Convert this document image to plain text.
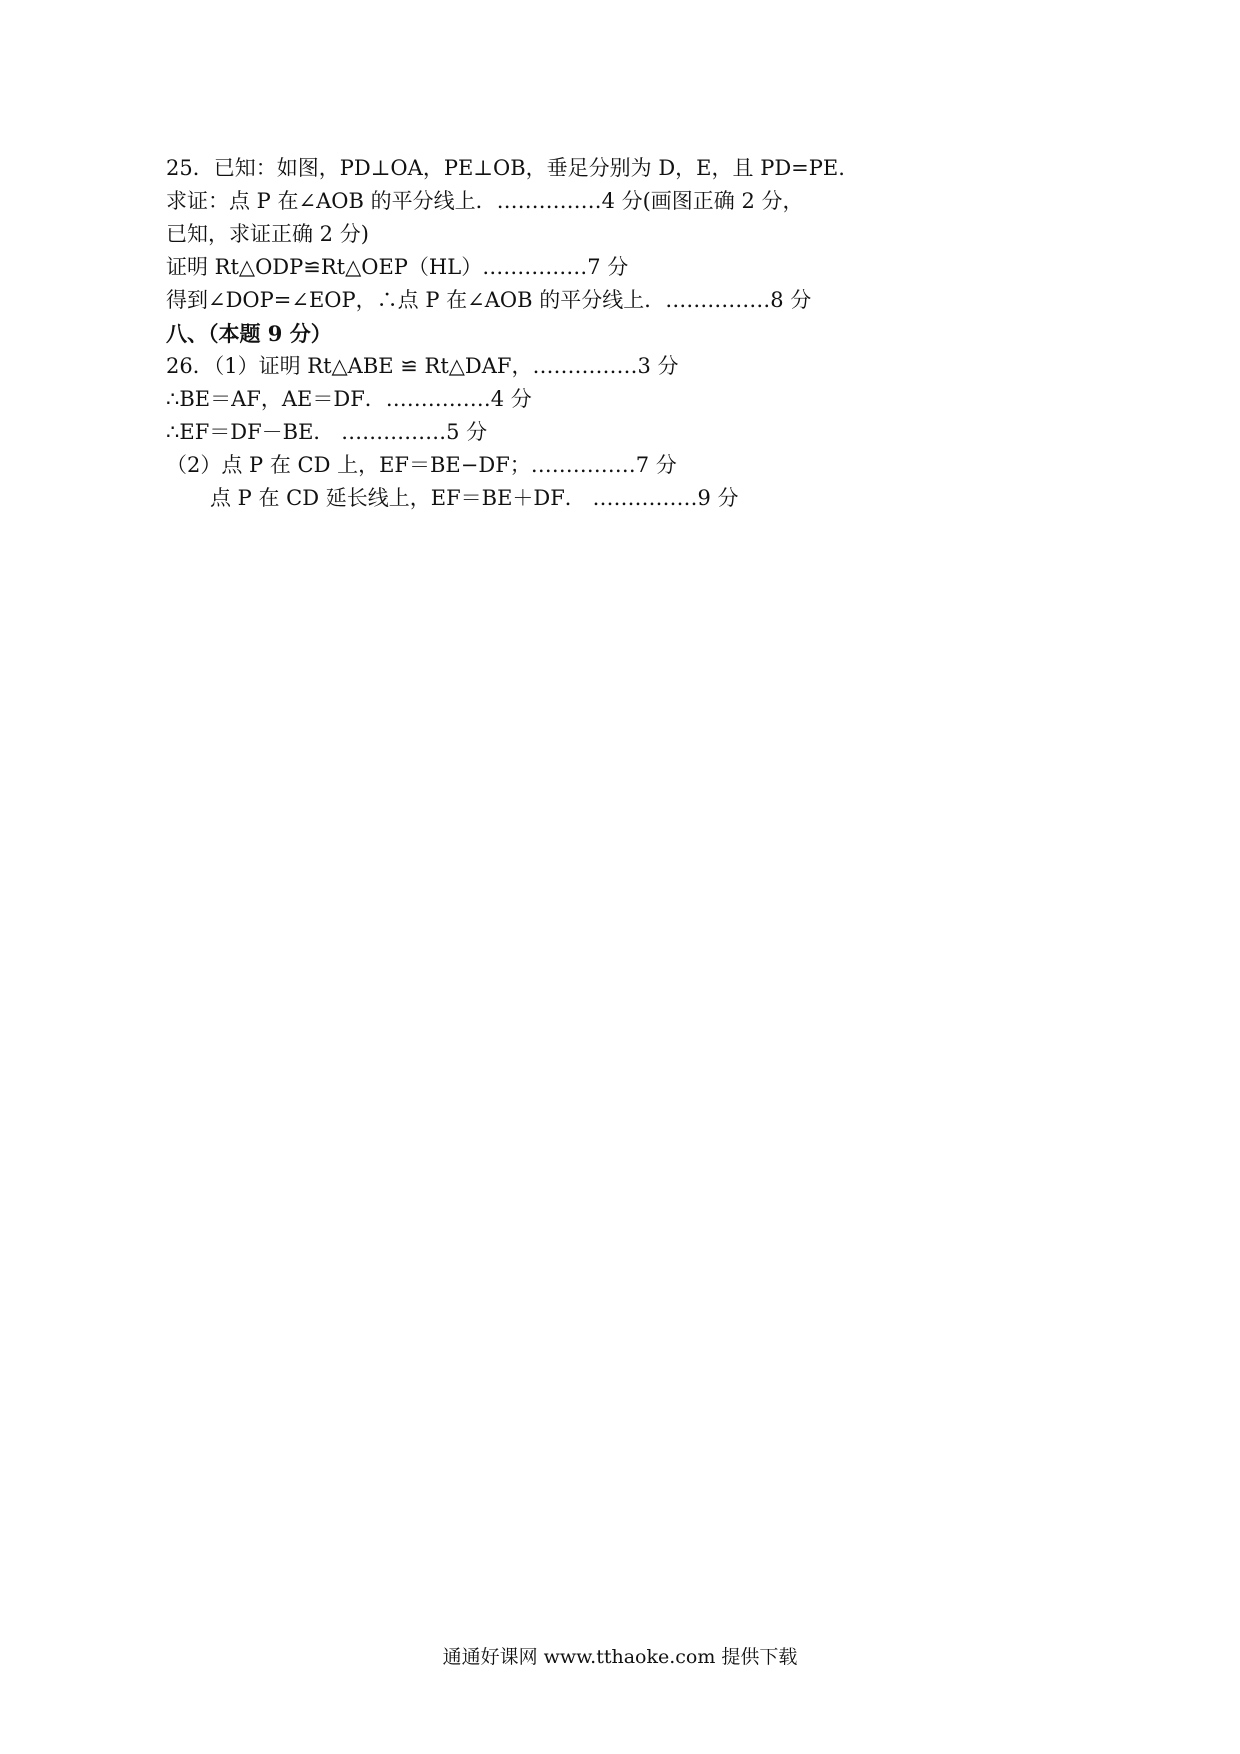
25．已知：如图，PD⊥OA，PE⊥OB，垂足分别为 D，E，且 PD=PE.
求证：点 P 在∠AOB 的平分线上．……………4 分(画图正确 2 分，
已知，求证正确 2 分)
证明 Rt△ODP≌Rt△OEP（HL）……………7 分
得到∠DOP=∠EOP，∴点 P 在∠AOB 的平分线上．……………8 分
八、（本题 9 分）
26．（1）证明 Rt△ABE ≌ Rt△DAF，……………3 分
∴BE＝AF，AE＝DF．……………4 分
∴EF＝DF－BE． ……………5 分
（2）点 P 在 CD 上，EF＝BE−DF；……………7 分
点 P 在 CD 延长线上，EF＝BE＋DF． ……………9 分
通通好课网 www.tthaoke.com 提供下载
